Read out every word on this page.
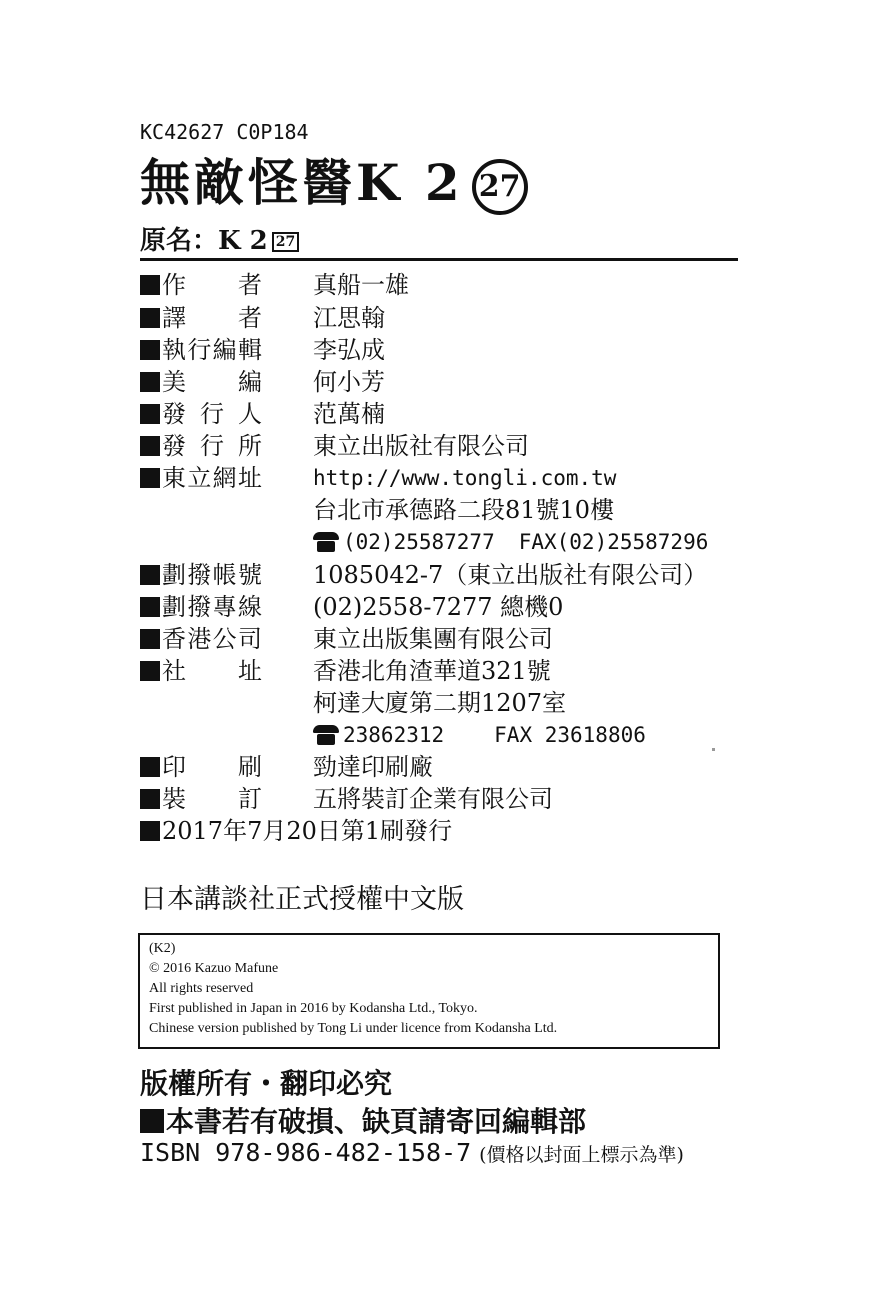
KC42627 C0P184
無敵怪醫K 2 27
原名：K 2 27
作者	真船一雄
譯者	江思翰
執行編輯	李弘成
美編	何小芳
發行人	范萬楠
發行所	東立出版社有限公司
東立網址	http://www.tongli.com.tw
台北市承德路二段81號10樓
(02)25587277 FAX(02)25587296
劃撥帳號	1085042-7（東立出版社有限公司）
劃撥專線	(02)2558-7277 總機0
香港公司	東立出版集團有限公司
社址	香港北角渣華道321號
柯達大廈第二期1207室
23862312 FAX 23618806
印刷	勁達印刷廠
裝訂	五將裝訂企業有限公司
2017年7月20日第1刷發行
日本講談社正式授權中文版
(K2)
© 2016 Kazuo Mafune
All rights reserved
First published in Japan in 2016 by Kodansha Ltd., Tokyo.
Chinese version published by Tong Li under licence from Kodansha Ltd.
版權所有・翻印必究
本書若有破損、缺頁請寄回編輯部
ISBN 978-986-482-158-7 (價格以封面上標示為準)
